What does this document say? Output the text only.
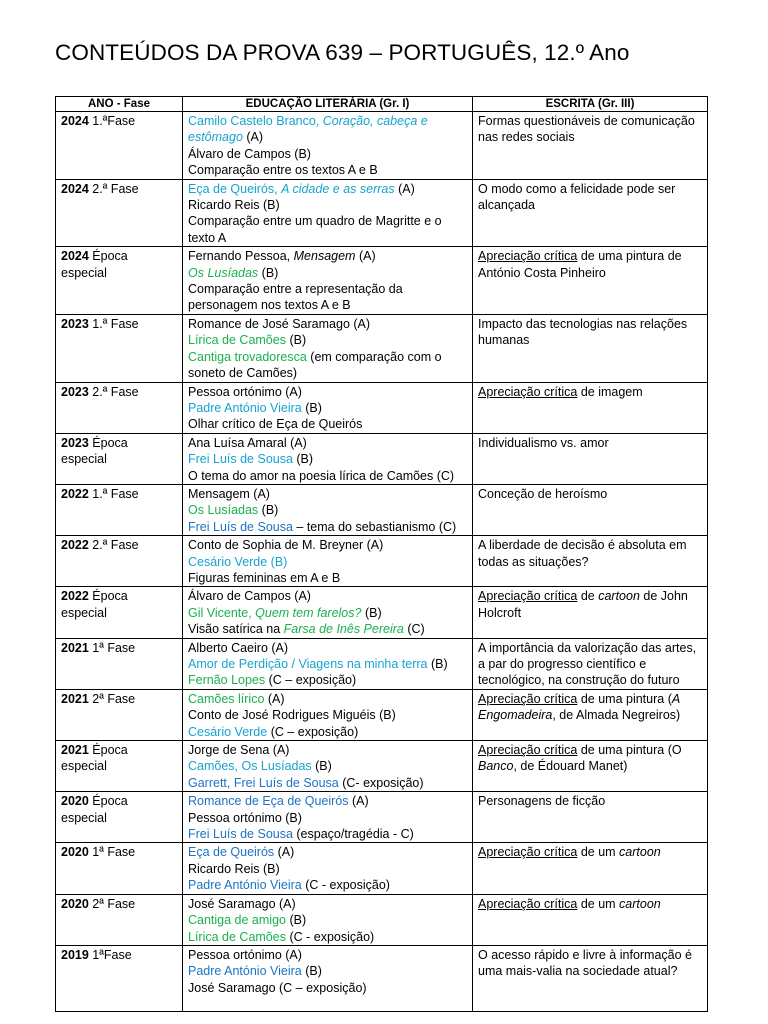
CONTEÚDOS DA PROVA 639 – PORTUGUÊS, 12.º Ano
ANO - Fase	EDUCAÇÃO LITERÁRIA (Gr. I)	ESCRITA (Gr. III)
2024 1.ªFase	Camilo Castelo Branco, Coração, cabeça e estômago (A)
Álvaro de Campos (B)
Comparação entre os textos A e B	Formas questionáveis de comunicação nas redes sociais

2024 2.ª Fase	Eça de Queirós, A cidade e as serras (A)
Ricardo Reis (B)
Comparação entre um quadro de Magritte e o texto A	O modo como a felicidade pode ser alcançada

2024 Época especial	Fernando Pessoa, Mensagem (A)
Os Lusíadas (B)
Comparação entre a representação da personagem nos textos A e B	Apreciação crítica de uma pintura de António Costa Pinheiro

2023 1.ª Fase	Romance de José Saramago (A)
Lírica de Camões (B)
Cantiga trovadoresca (em comparação com o soneto de Camões)	Impacto das tecnologias nas relações humanas

2023 2.ª Fase	Pessoa ortónimo (A)
Padre António Vieira (B)
Olhar crítico de Eça de Queirós	Apreciação crítica de imagem

2023 Época especial	Ana Luísa Amaral (A)
Frei Luís de Sousa (B)
O tema do amor na poesia lírica de Camões (C)	Individualismo vs. amor

2022 1.ª Fase	Mensagem (A)
Os Lusíadas (B)
Frei Luís de Sousa – tema do sebastianismo (C)	Conceção de heroísmo

2022 2.ª Fase	Conto de Sophia de M. Breyner (A)
Cesário Verde (B)
Figuras femininas em A e B	A liberdade de decisão é absoluta em todas as situações?

2022 Época especial	Álvaro de Campos (A)
Gil Vicente, Quem tem farelos? (B)
Visão satírica na Farsa de Inês Pereira (C)	Apreciação crítica de cartoon de John Holcroft

2021 1ª Fase	Alberto Caeiro (A)
Amor de Perdição / Viagens na minha terra (B)
Fernão Lopes (C – exposição)	A importância da valorização das artes, a par do progresso científico e tecnológico, na construção do futuro

2021 2ª Fase	Camões lírico (A)
Conto de José Rodrigues Miguéis (B)
Cesário Verde (C – exposição)	Apreciação crítica de uma pintura (A Engomadeira, de Almada Negreiros)

2021 Época especial	Jorge de Sena (A)
Camões, Os Lusíadas (B)
Garrett, Frei Luís de Sousa (C- exposição)	Apreciação crítica de uma pintura (O Banco, de Édouard Manet)

2020 Época especial	Romance de Eça de Queirós (A)
Pessoa ortónimo (B)
Frei Luís de Sousa (espaço/tragédia - C)	Personagens de ficção

2020 1ª Fase	Eça de Queirós (A)
Ricardo Reis (B)
Padre António Vieira (C - exposição)	Apreciação crítica de um cartoon

2020 2ª Fase	José Saramago (A)
Cantiga de amigo (B)
Lírica de Camões (C - exposição)	Apreciação crítica de um cartoon

2019 1ªFase	Pessoa ortónimo (A)
Padre António Vieira (B)
José Saramago (C – exposição)	O acesso rápido e livre à informação é uma mais-valia na sociedade atual?
